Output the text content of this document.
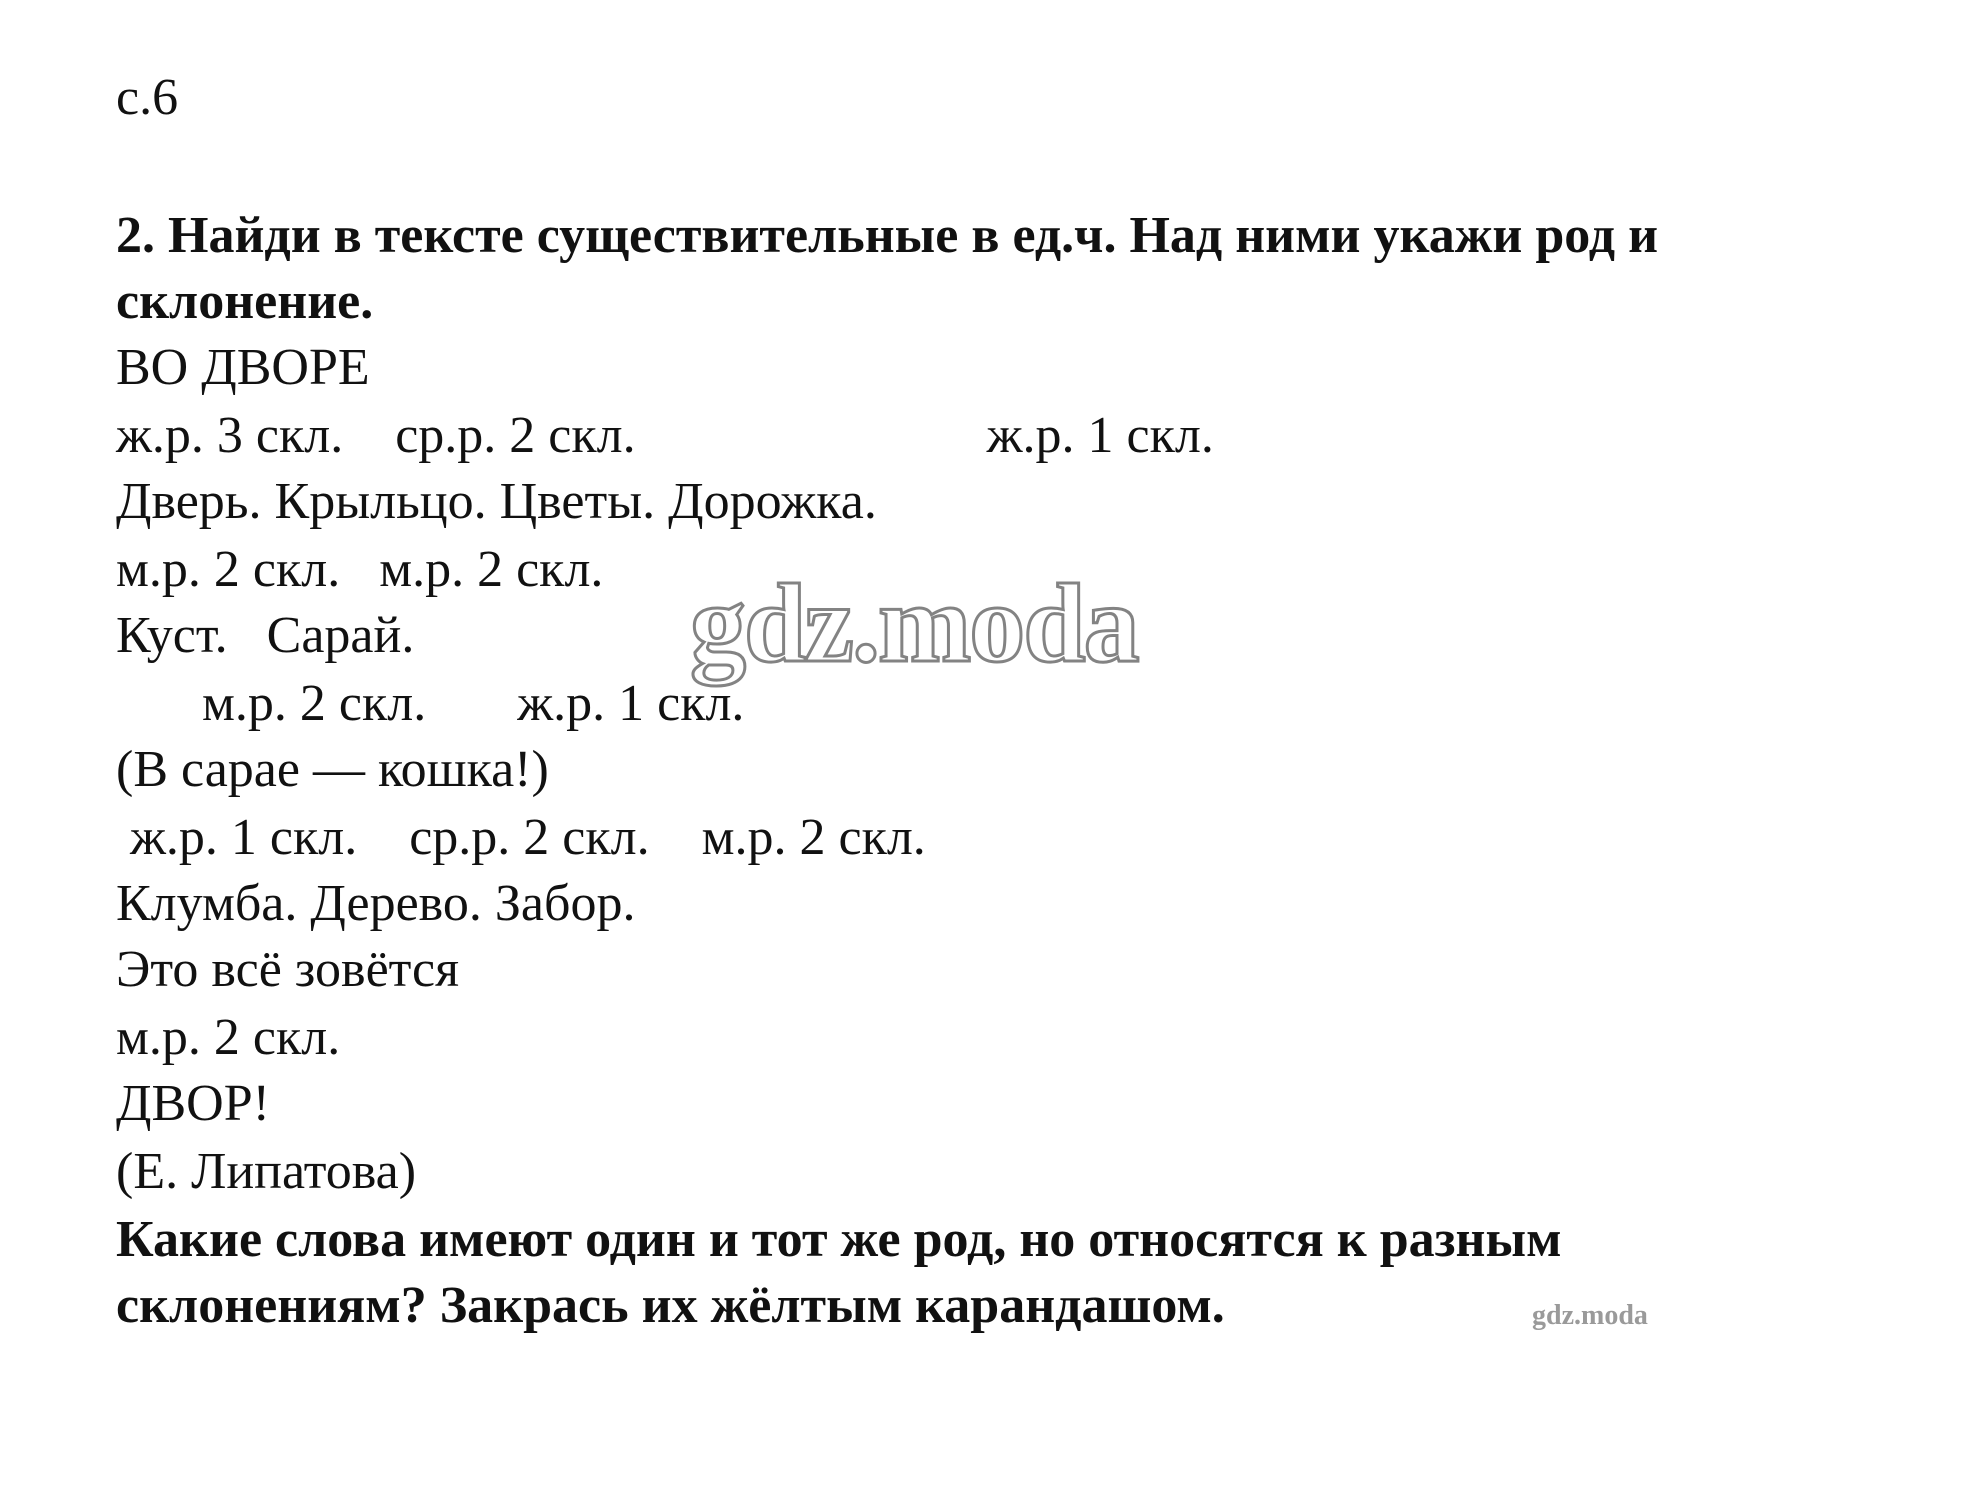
с.6
2. Найди в тексте существительные в ед.ч. Над ними укажи род и
склонение.
ВО ДВОРЕ
ж.р. 3 скл.    ср.р. 2 скл.                           ж.р. 1 скл.
Дверь. Крыльцо. Цветы. Дорожка.
м.р. 2 скл.   м.р. 2 скл.
Куст.   Сарай.
м.р. 2 скл.       ж.р. 1 скл.
(В сарае — кошка!)
ж.р. 1 скл.    ср.р. 2 скл.    м.р. 2 скл.
Клумба. Дерево. Забор.
Это всё зовётся
м.р. 2 скл.
ДВОР!
(Е. Липатова)
Какие слова имеют один и тот же род, но относятся к разным
склонениям? Закрась их жёлтым карандашом.
gdz.moda
gdz.moda
